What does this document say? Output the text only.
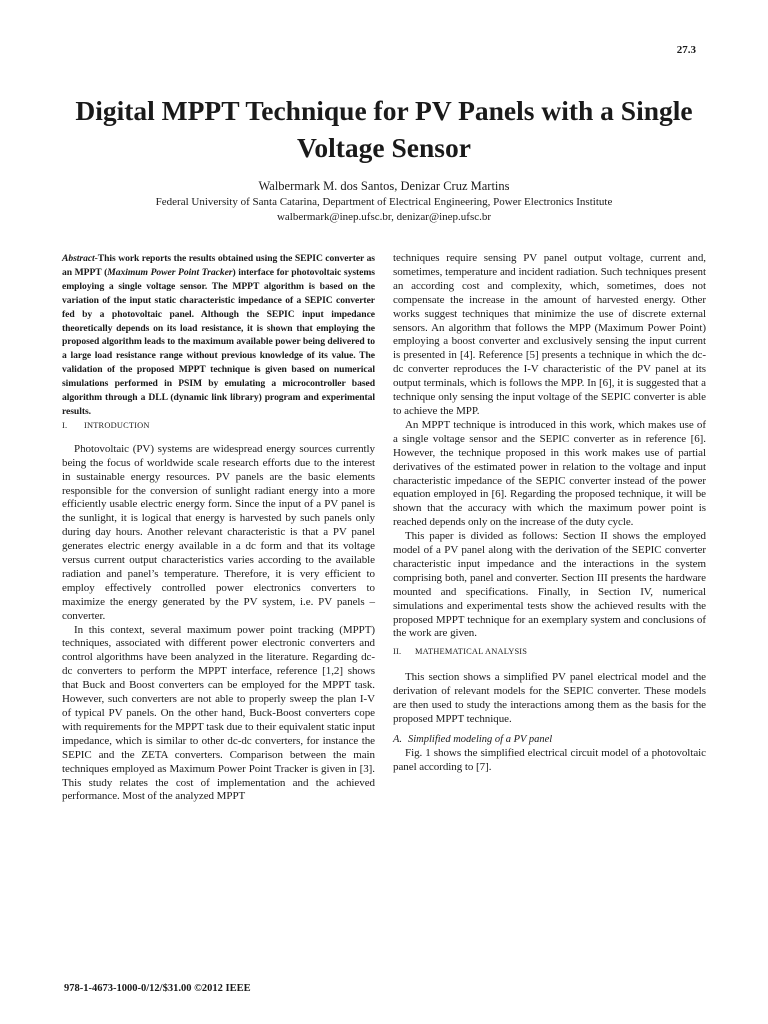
27.3
Digital MPPT Technique for PV Panels with a Single Voltage Sensor

Walbermark M. dos Santos, Denizar Cruz Martins

Federal University of Santa Catarina, Department of Electrical Engineering, Power Electronics Institute

walbermark@inep.ufsc.br, denizar@inep.ufsc.br

Abstract-This work reports the results obtained using the SEPIC converter as an MPPT (Maximum Power Point Tracker) interface for photovoltaic systems employing a single voltage sensor. The MPPT algorithm is based on the variation of the input static characteristic impedance of a SEPIC converter fed by a photovoltaic panel. Although the SEPIC input impedance theoretically depends on its load resistance, it is shown that employing the proposed algorithm leads to the maximum available power being delivered to a large load resistance range without previous knowledge of its value. The validation of the proposed MPPT technique is given based on numerical simulations performed in PSIM by emulating a microcontroller based algorithm through a DLL (dynamic link library) program and experimental results.

I. INTRODUCTION

Photovoltaic (PV) systems are widespread energy sources currently being the focus of worldwide scale research efforts due to the interest in sustainable energy resources. PV panels are the basic elements responsible for the conversion of sunlight radiant energy into a more efficiently usable electric energy form. Since the input of a PV panel is the sunlight, it is logical that energy is harvested by such panels only during day hours. Another relevant characteristic is that a PV panel generates electric energy available in a dc form and that its voltage versus current output characteristics varies according to the available radiation and panel’s temperature. Therefore, it is very efficient to employ effectively controlled power electronics converters to maximize the energy generated by the PV system, i.e. PV panels – converter.

In this context, several maximum power point tracking (MPPT) techniques, associated with different power electronic converters and control algorithms have been analyzed in the literature. Regarding dc-dc converters to perform the MPPT interface, reference [1,2] shows that Buck and Boost converters can be employed for the MPPT task. However, such converters are not able to properly sweep the plan I-V of typical PV panels. On the other hand, Buck-Boost converters cope with requirements for the MPPT task due to their equivalent static input impedance, which is similar to other dc-dc converters, for instance the SEPIC and the ZETA converters. Comparison between the main techniques employed as Maximum Power Point Tracker is given in [3]. This study relates the cost of implementation and the achieved performance. Most of the analyzed MPPT

techniques require sensing PV panel output voltage, current and, sometimes, temperature and incident radiation. Such techniques present an according cost and complexity, which, sometimes, does not compensate the increase in the amount of harvested energy. Other works suggest techniques that minimize the use of discrete external sensors. An algorithm that follows the MPP (Maximum Power Point) employing a boost converter and exclusively sensing the input current is presented in [4]. Reference [5] presents a technique in which the dc-dc converter reproduces the I-V characteristic of the PV panel at its output terminals, which is follows the MPP. In [6], it is suggested that a technique only sensing the input voltage of the SEPIC converter is able to achieve the MPP.

An MPPT technique is introduced in this work, which makes use of a single voltage sensor and the SEPIC converter as in reference [6]. However, the technique proposed in this work makes use of partial derivatives of the estimated power in relation to the voltage and input characteristic impedance of the SEPIC converter instead of the power equation employed in [6]. Regarding the proposed technique, it will be shown that the accuracy with which the maximum power point is reached depends only on the increase of the duty cycle.

This paper is divided as follows: Section II shows the employed model of a PV panel along with the derivation of the SEPIC converter characteristic input impedance and the interactions in the system comprising both, panel and converter. Section III presents the hardware mounted and specifications. Finally, in Section IV, numerical simulations and experimental tests show the achieved results with the proposed MPPT technique for an exemplary system and conclusions of the work are given.

II. MATHEMATICAL ANALYSIS

This section shows a simplified PV panel electrical model and the derivation of relevant models for the SEPIC converter. These models are then used to study the interactions among them as the basis for the proposed MPPT technique.

A. Simplified modeling of a PV panel

Fig. 1 shows the simplified electrical circuit model of a photovoltaic panel according to [7].

978-1-4673-1000-0/12/$31.00 ©2012 IEEE
